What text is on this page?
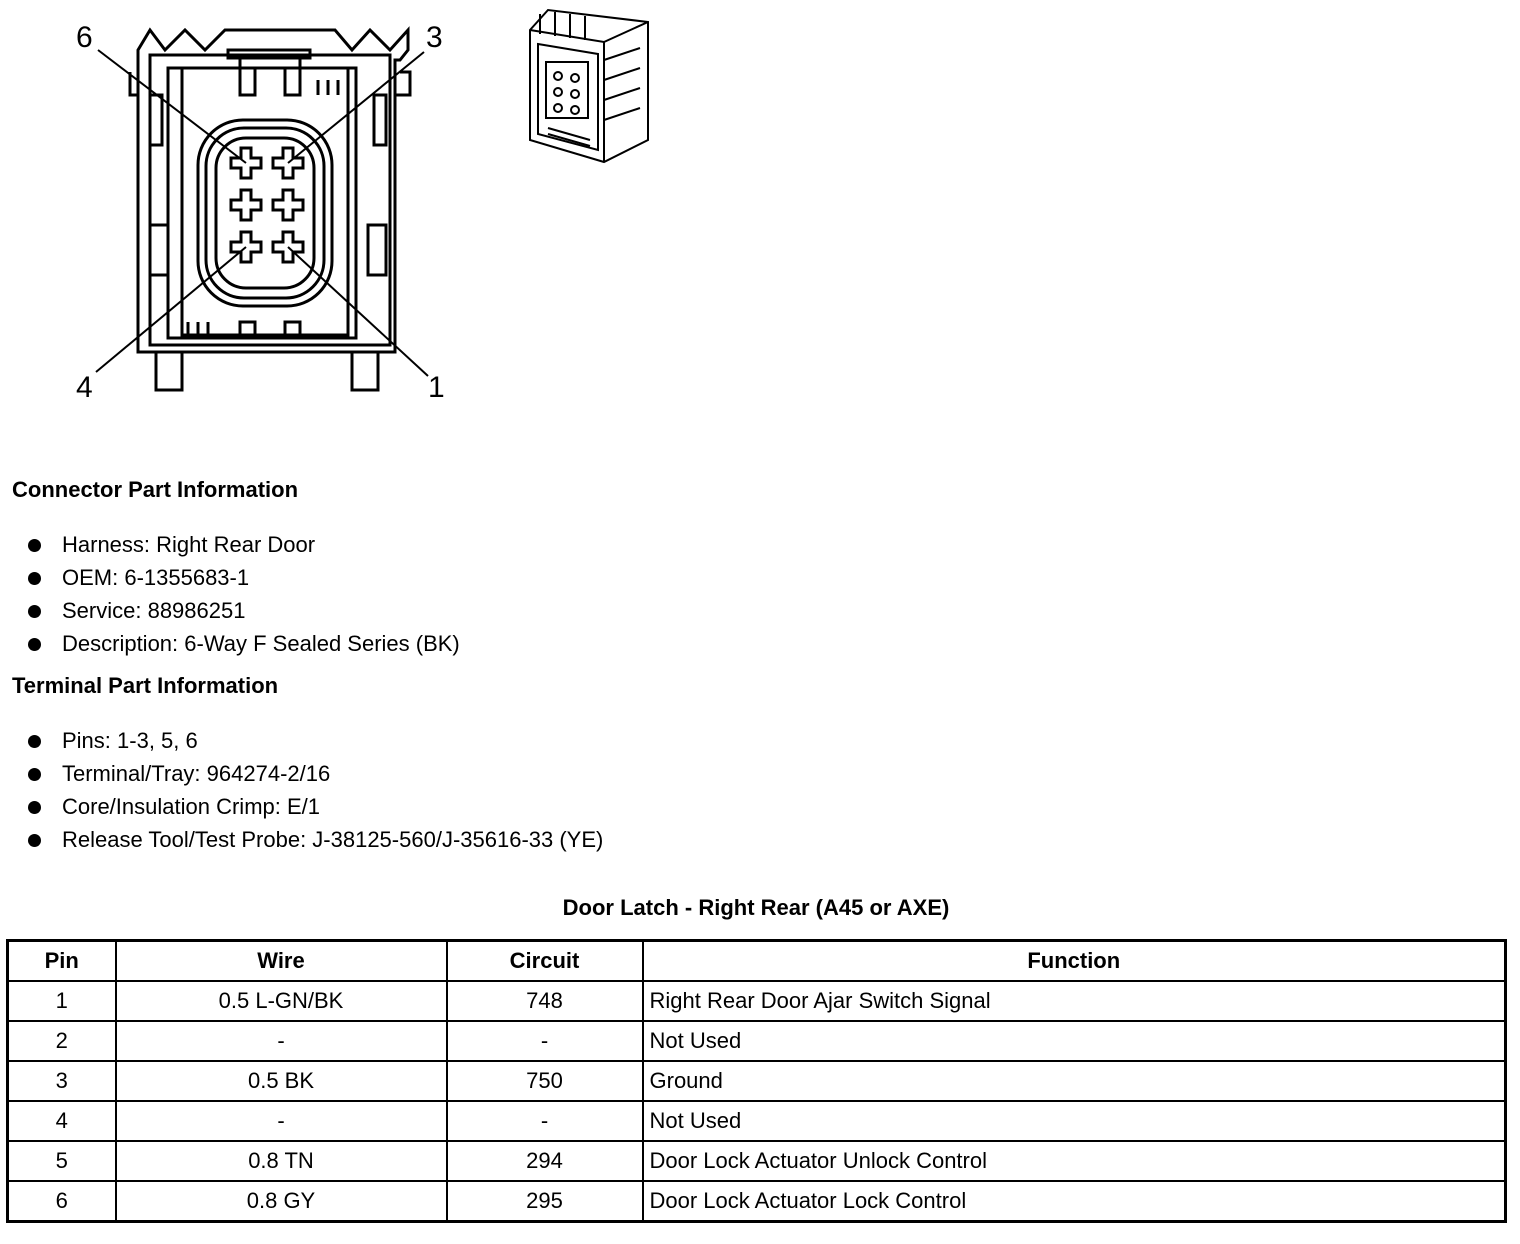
6	3
4	1
Connector Part Information
Harness: Right Rear Door
OEM: 6-1355683-1
Service: 88986251
Description: 6-Way F Sealed Series (BK)
Terminal Part Information
Pins: 1-3, 5, 6
Terminal/Tray: 964274-2/16
Core/Insulation Crimp: E/1
Release Tool/Test Probe: J-38125-560/J-35616-33 (YE)
Door Latch - Right Rear (A45 or AXE)
Pin	Wire	Circuit	Function
1	0.5 L-GN/BK	748	Right Rear Door Ajar Switch Signal
2	-	-	Not Used
3	0.5 BK	750	Ground
4	-	-	Not Used
5	0.8 TN	294	Door Lock Actuator Unlock Control
6	0.8 GY	295	Door Lock Actuator Lock Control
